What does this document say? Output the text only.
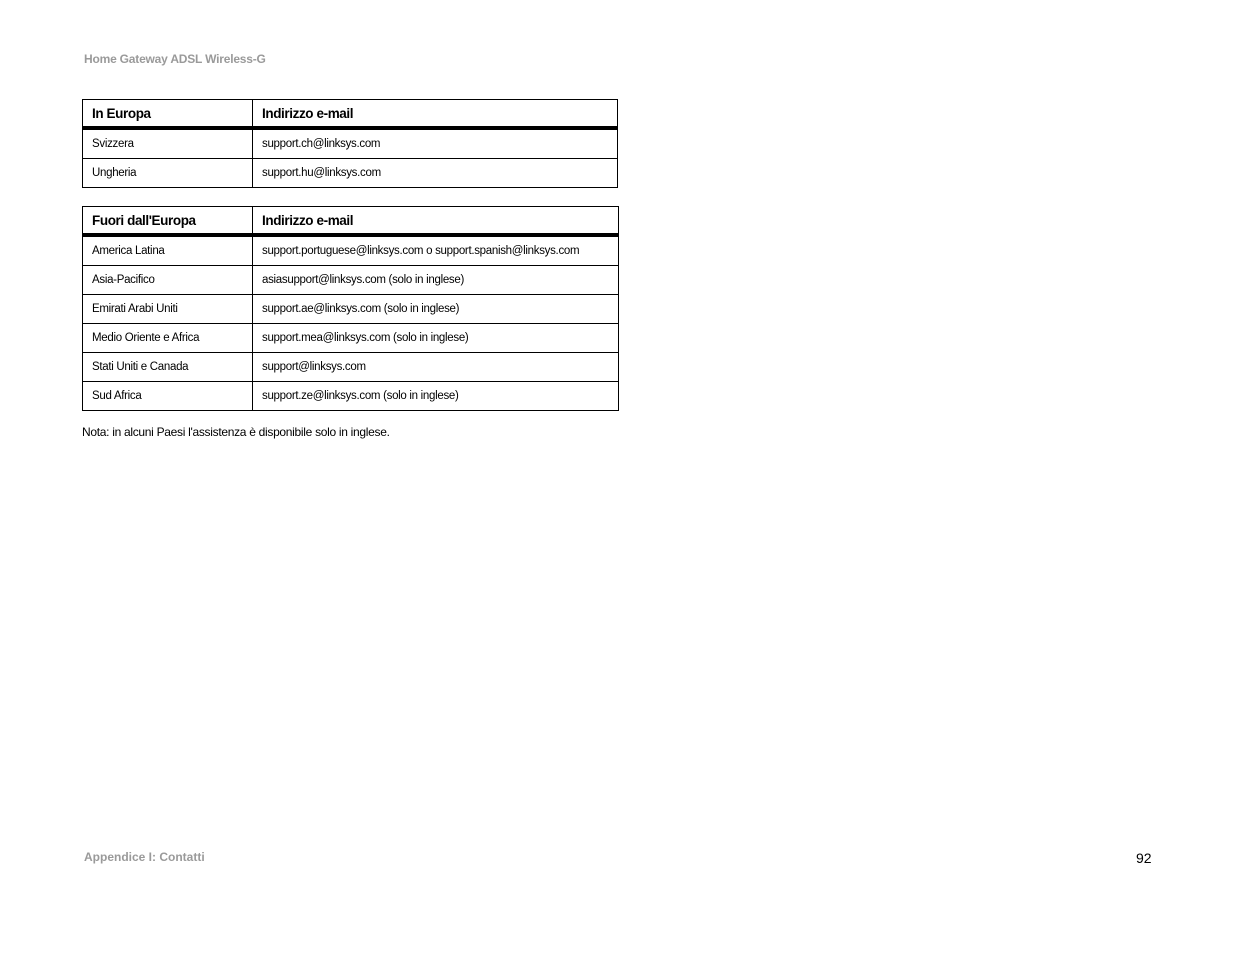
Home Gateway ADSL Wireless-G
In Europa	Indirizzo e-mail
Svizzera	support.ch@linksys.com
Ungheria	support.hu@linksys.com
Fuori dall'Europa	Indirizzo e-mail
America Latina	support.portuguese@linksys.com o support.spanish@linksys.com
Asia-Pacifico	asiasupport@linksys.com (solo in inglese)
Emirati Arabi Uniti	support.ae@linksys.com (solo in inglese)
Medio Oriente e Africa	support.mea@linksys.com (solo in inglese)
Stati Uniti e Canada	support@linksys.com
Sud Africa	support.ze@linksys.com (solo in inglese)
Nota: in alcuni Paesi l'assistenza è disponibile solo in inglese.
Appendice I: Contatti	92
